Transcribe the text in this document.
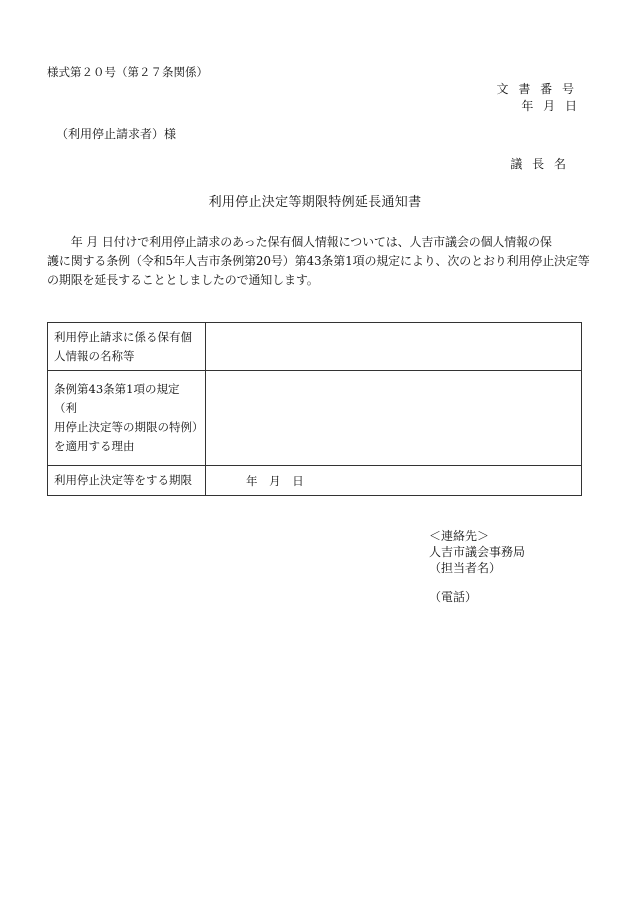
様式第２０号（第２７条関係）
文 書 番 号
年 月 日
（利用停止請求者）様
議 長 名
利用停止決定等期限特例延長通知書
　　年 月 日付けで利用停止請求のあった保有個人情報については、人吉市議会の個人情報の保
護に関する条例（令和5年人吉市条例第20号）第43条第1項の規定により、次のとおり利用停止決定等
の期限を延長することとしましたので通知します。
利用停止請求に係る保有個
人情報の名称等	

条例第43条第1項の規定（利
用停止決定等の期限の特例）
を適用する理由	

利用停止決定等をする期限	年 月 日
＜連絡先＞
人吉市議会事務局
（担当者名）
（電話）
